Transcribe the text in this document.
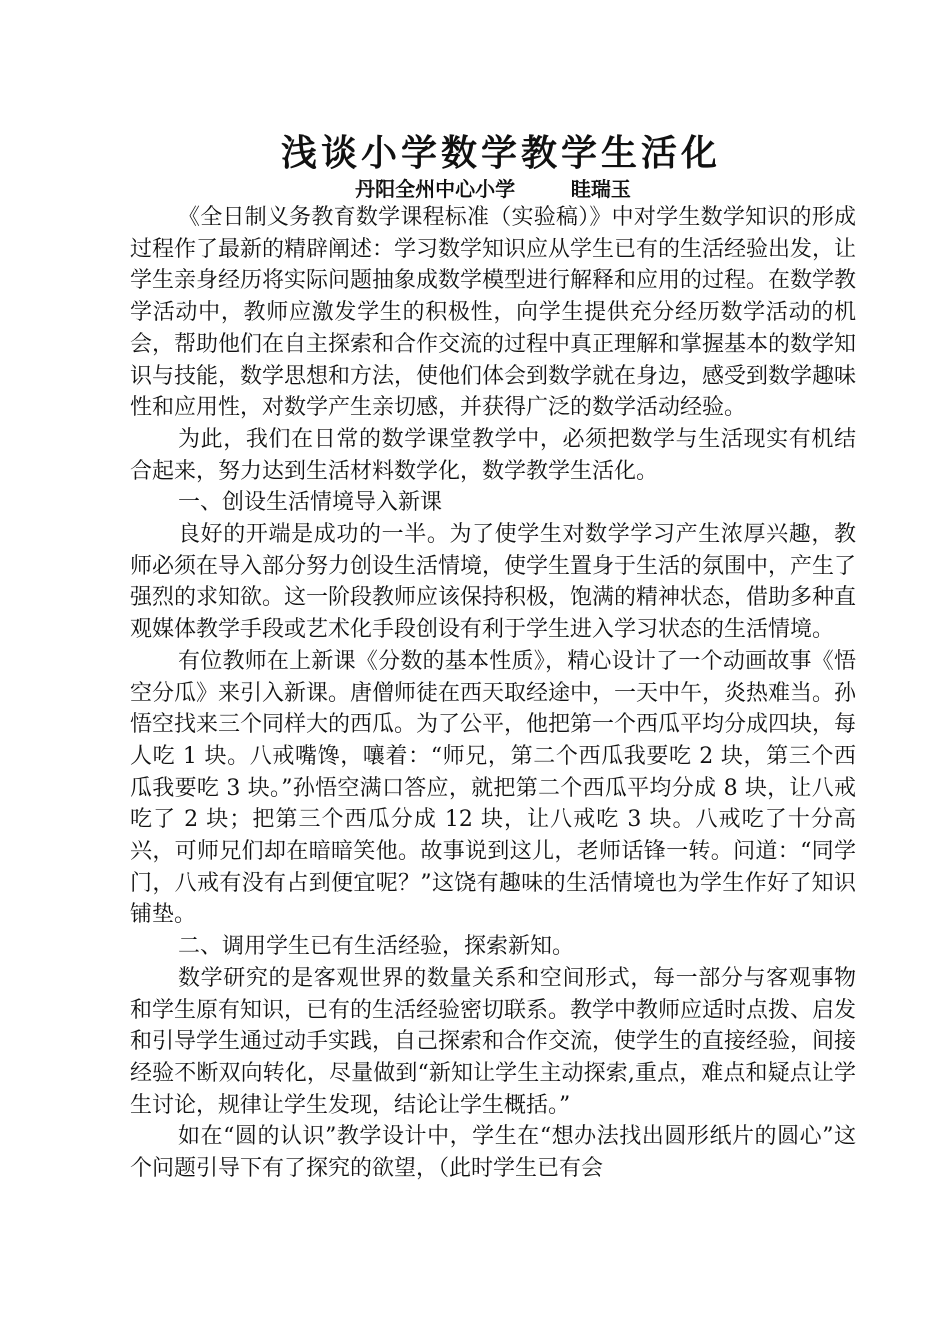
浅谈小学数学教学生活化

丹阳全州中心小学        眭瑞玉

《全日制义务教育数学课程标准（实验稿）》中对学生数学知识的形成过程作了最新的精辟阐述：学习数学知识应从学生已有的生活经验出发，让学生亲身经历将实际问题抽象成数学模型进行解释和应用的过程。在数学教学活动中，教师应激发学生的积极性，向学生提供充分经历数学活动的机会，帮助他们在自主探索和合作交流的过程中真正理解和掌握基本的数学知识与技能，数学思想和方法，使他们体会到数学就在身边，感受到数学趣味性和应用性，对数学产生亲切感，并获得广泛的数学活动经验。

为此，我们在日常的数学课堂教学中，必须把数学与生活现实有机结合起来，努力达到生活材料数学化，数学教学生活化。

一、创设生活情境导入新课

良好的开端是成功的一半。为了使学生对数学学习产生浓厚兴趣，教师必须在导入部分努力创设生活情境，使学生置身于生活的氛围中，产生了强烈的求知欲。这一阶段教师应该保持积极，饱满的精神状态，借助多种直观媒体教学手段或艺术化手段创设有利于学生进入学习状态的生活情境。

有位教师在上新课《分数的基本性质》，精心设计了一个动画故事《悟空分瓜》来引入新课。唐僧师徒在西天取经途中，一天中午，炎热难当。孙悟空找来三个同样大的西瓜。为了公平，他把第一个西瓜平均分成四块，每人吃 1 块。八戒嘴馋，嚷着：“师兄，第二个西瓜我要吃 2 块，第三个西瓜我要吃 3 块。”孙悟空满口答应，就把第二个西瓜平均分成 8 块，让八戒吃了 2 块；把第三个西瓜分成 12 块，让八戒吃 3 块。八戒吃了十分高兴，可师兄们却在暗暗笑他。故事说到这儿，老师话锋一转。问道：“同学门，八戒有没有占到便宜呢？”这饶有趣味的生活情境也为学生作好了知识铺垫。

二、调用学生已有生活经验，探索新知。

数学研究的是客观世界的数量关系和空间形式，每一部分与客观事物和学生原有知识，已有的生活经验密切联系。教学中教师应适时点拨、启发和引导学生通过动手实践，自己探索和合作交流，使学生的直接经验，间接经验不断双向转化，尽量做到“新知让学生主动探索,重点，难点和疑点让学生讨论，规律让学生发现，结论让学生概括。”

如在“圆的认识”教学设计中，学生在“想办法找出圆形纸片的圆心”这个问题引导下有了探究的欲望，（此时学生已有会
